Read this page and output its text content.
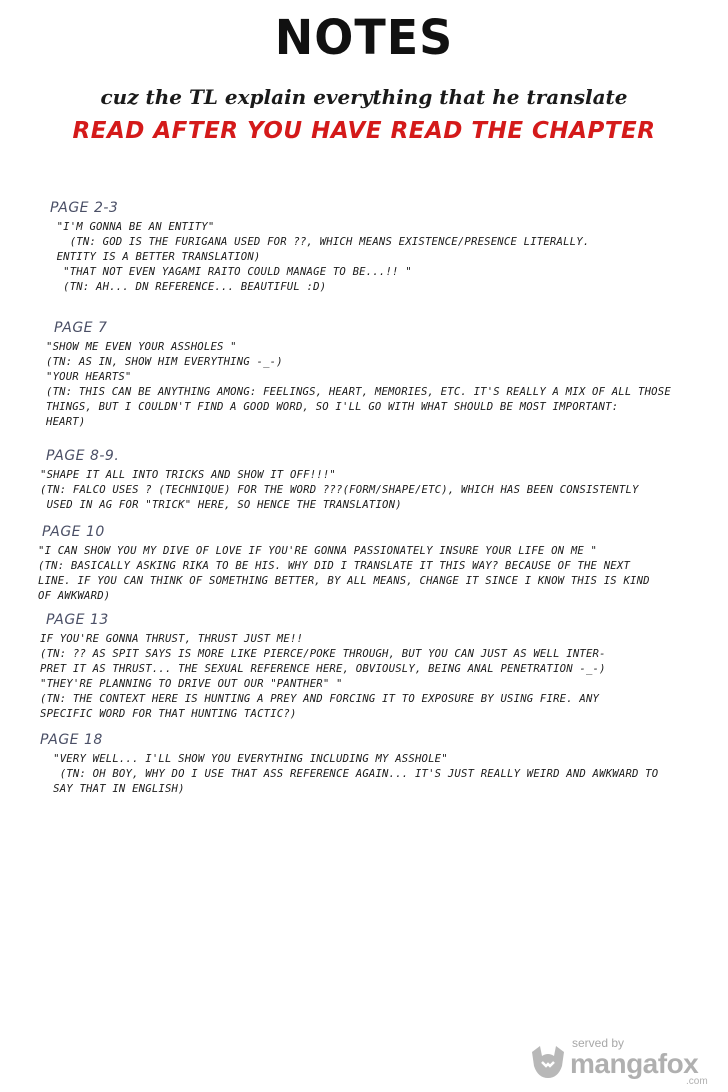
NOTES
cuz the TL explain everything that he translate
READ AFTER YOU HAVE READ THE CHAPTER
PAGE 2-3
"I'M GONNA BE AN ENTITY"
(TN: GOD IS THE FURIGANA USED FOR ??, WHICH MEANS EXISTENCE/PRESENCE LITERALLY.
ENTITY IS A BETTER TRANSLATION)
"THAT NOT EVEN YAGAMI RAITO COULD MANAGE TO BE...!! "
(TN: AH... DN REFERENCE... BEAUTIFUL :D)
PAGE 7
"SHOW ME EVEN YOUR ASSHOLES "
(TN: AS IN, SHOW HIM EVERYTHING -_-)
"YOUR HEARTS"
(TN: THIS CAN BE ANYTHING AMONG: FEELINGS, HEART, MEMORIES, ETC. IT'S REALLY A MIX OF ALL THOSE
THINGS, BUT I COULDN'T FIND A GOOD WORD, SO I'LL GO WITH WHAT SHOULD BE MOST IMPORTANT:
HEART)
PAGE 8-9.
"SHAPE IT ALL INTO TRICKS AND SHOW IT OFF!!!"
(TN: FALCO USES ? (TECHNIQUE) FOR THE WORD ???(FORM/SHAPE/ETC), WHICH HAS BEEN CONSISTENTLY
USED IN AG FOR "TRICK" HERE, SO HENCE THE TRANSLATION)
PAGE 10
"I CAN SHOW YOU MY DIVE OF LOVE IF YOU'RE GONNA PASSIONATELY INSURE YOUR LIFE ON ME "
(TN: BASICALLY ASKING RIKA TO BE HIS. WHY DID I TRANSLATE IT THIS WAY? BECAUSE OF THE NEXT
LINE. IF YOU CAN THINK OF SOMETHING BETTER, BY ALL MEANS, CHANGE IT SINCE I KNOW THIS IS KIND
OF AWKWARD)
PAGE 13
IF YOU'RE GONNA THRUST, THRUST JUST ME!!
(TN: ?? AS SPIT SAYS IS MORE LIKE PIERCE/POKE THROUGH, BUT YOU CAN JUST AS WELL INTER-
PRET IT AS THRUST... THE SEXUAL REFERENCE HERE, OBVIOUSLY, BEING ANAL PENETRATION -_-)
"THEY'RE PLANNING TO DRIVE OUT OUR "PANTHER" "
(TN: THE CONTEXT HERE IS HUNTING A PREY AND FORCING IT TO EXPOSURE BY USING FIRE. ANY
SPECIFIC WORD FOR THAT HUNTING TACTIC?)
PAGE 18
"VERY WELL... I'LL SHOW YOU EVERYTHING INCLUDING MY ASSHOLE"
(TN: OH BOY, WHY DO I USE THAT ASS REFERENCE AGAIN... IT'S JUST REALLY WEIRD AND AWKWARD TO
SAY THAT IN ENGLISH)
served by
mangafox
.com
